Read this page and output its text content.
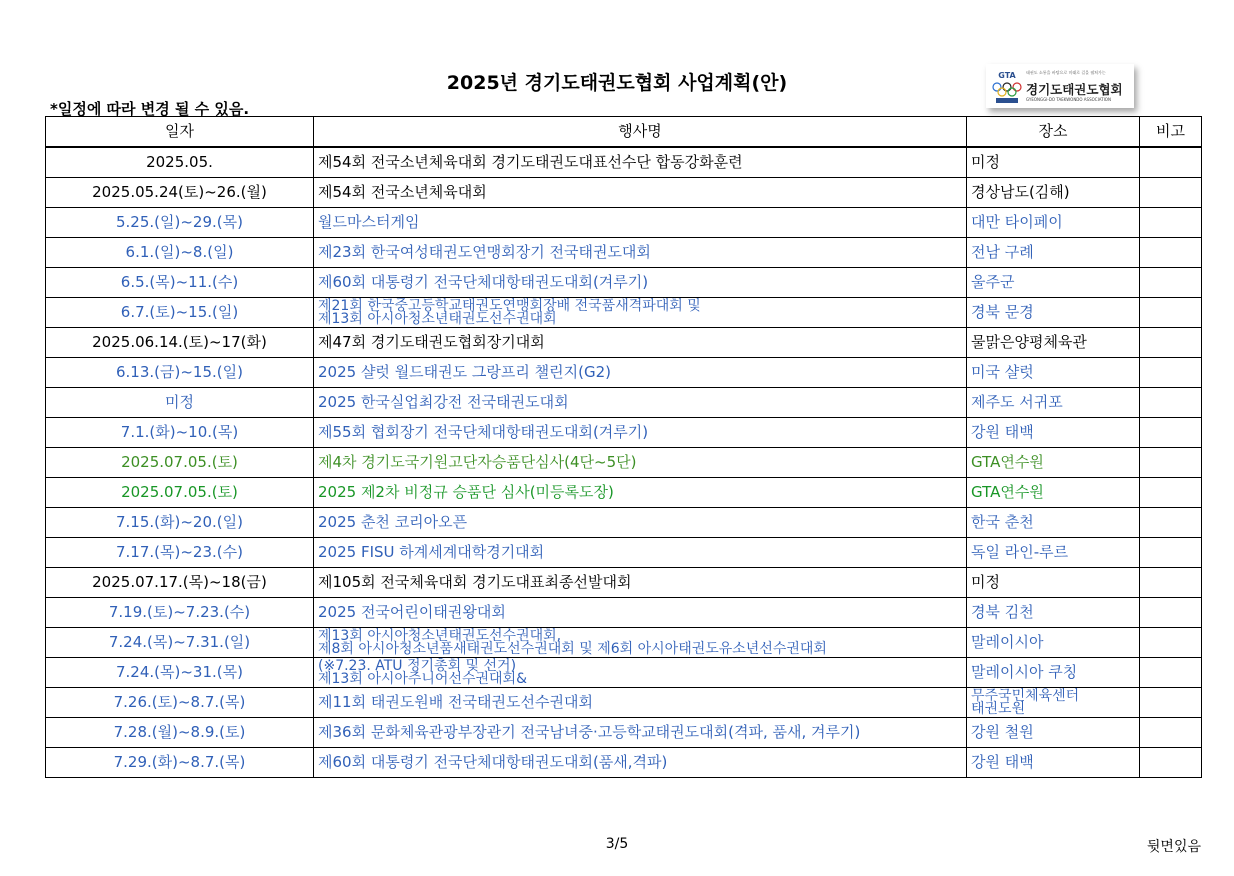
2025년 경기도태권도협회 사업계획(안)
*일정에 따라 변경 될 수 있음.
GTA	태권도 소통을 바탕으로 미래로 길을 펼쳐가는
경기도태권도협회
GYEONGGI-DO TAEKWONDO ASSOCIATION
일자	행사명	장소	비고

2025.05.	제54회 전국소년체육대회 경기도태권도대표선수단 합동강화훈련	미정	

2025.05.24(토)~26.(월)	제54회 전국소년체육대회	경상남도(김해)	

5.25.(일)~29.(목)	월드마스터게임	대만 타이페이	

6.1.(일)~8.(일)	제23회 한국여성태권도연맹회장기 전국태권도대회	전남 구례	

6.5.(목)~11.(수)	제60회 대통령기 전국단체대항태권도대회(겨루기)	울주군	

6.7.(토)~15.(일)	제21회 한국중고등학교태권도연맹회장배 전국품새격파대회 및
제13회 아시아청소년태권도선수권대회	경북 문경	

2025.06.14.(토)~17(화)	제47회 경기도태권도협회장기대회	물맑은양평체육관	

6.13.(금)~15.(일)	2025 샬럿 월드태권도 그랑프리 챌린지(G2)	미국 샬럿	

미정	2025 한국실업최강전 전국태권도대회	제주도 서귀포	

7.1.(화)~10.(목)	제55회 협회장기 전국단체대항태권도대회(겨루기)	강원 태백	

2025.07.05.(토)	제4차 경기도국기원고단자승품단심사(4단~5단)	GTA연수원	

2025.07.05.(토)	2025 제2차 비정규 승품단 심사(미등록도장)	GTA연수원	

7.15.(화)~20.(일)	2025 춘천 코리아오픈	한국 춘천	

7.17.(목)~23.(수)	2025 FISU 하계세계대학경기대회	독일 라인-루르	

2025.07.17.(목)~18(금)	제105회 전국체육대회 경기도대표최종선발대회	미정	

7.19.(토)~7.23.(수)	2025 전국어린이태권왕대회	경북 김천	

7.24.(목)~7.31.(일)	제13회 아시아청소년태권도선수권대회,
제8회 아시아청소년품새태권도선수권대회 및 제6회 아시아태권도유소년선수권대회	말레이시아	

7.24.(목)~31.(목)	(※7.23. ATU 정기총회 및 선거)
제13회 아시아주니어선수권대회&	말레이시아 쿠칭	

7.26.(토)~8.7.(목)	제11회 태권도원배 전국태권도선수권대회	무주국민체육센터
태권도원	

7.28.(월)~8.9.(토)	제36회 문화체육관광부장관기 전국남녀중·고등학교태권도대회(격파, 품새, 겨루기)	강원 철원	

7.29.(화)~8.7.(목)	제60회 대통령기 전국단체대항태권도대회(품새,격파)	강원 태백	

3/5	뒷면있음
